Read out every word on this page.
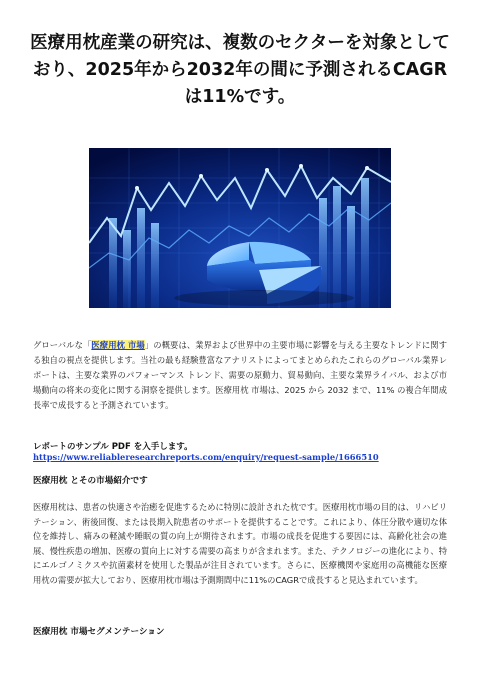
医療用枕産業の研究は、複数のセクターを対象としており、2025年から2032年の間に予測されるCAGRは11%です。

グローバルな「医療用枕 市場」の概要は、業界および世界中の主要市場に影響を与える主要なトレンドに関する独自の視点を提供します。当社の最も経験豊富なアナリストによってまとめられたこれらのグローバル業界レポートは、主要な業界のパフォーマンス トレンド、需要の原動力、貿易動向、主要な業界ライバル、および市場動向の将来の変化に関する洞察を提供します。医療用枕 市場は、2025 から 2032 まで、11% の複合年間成長率で成長すると予測されています。

レポートのサンプル PDF を入手します。

https://www.reliableresearchreports.com/enquiry/request-sample/1666510
医療用枕 とその市場紹介です

医療用枕は、患者の快適さや治癒を促進するために特別に設計された枕です。医療用枕市場の目的は、リハビリテーション、術後回復、または長期入院患者のサポートを提供することです。これにより、体圧分散や適切な体位を維持し、痛みの軽減や睡眠の質の向上が期待されます。市場の成長を促進する要因には、高齢化社会の進展、慢性疾患の増加、医療の質向上に対する需要の高まりが含まれます。また、テクノロジーの進化により、特にエルゴノミクスや抗菌素材を使用した製品が注目されています。さらに、医療機関や家庭用の高機能な医療用枕の需要が拡大しており、医療用枕市場は予測期間中に11%のCAGRで成長すると見込まれています。

医療用枕 市場セグメンテーション
